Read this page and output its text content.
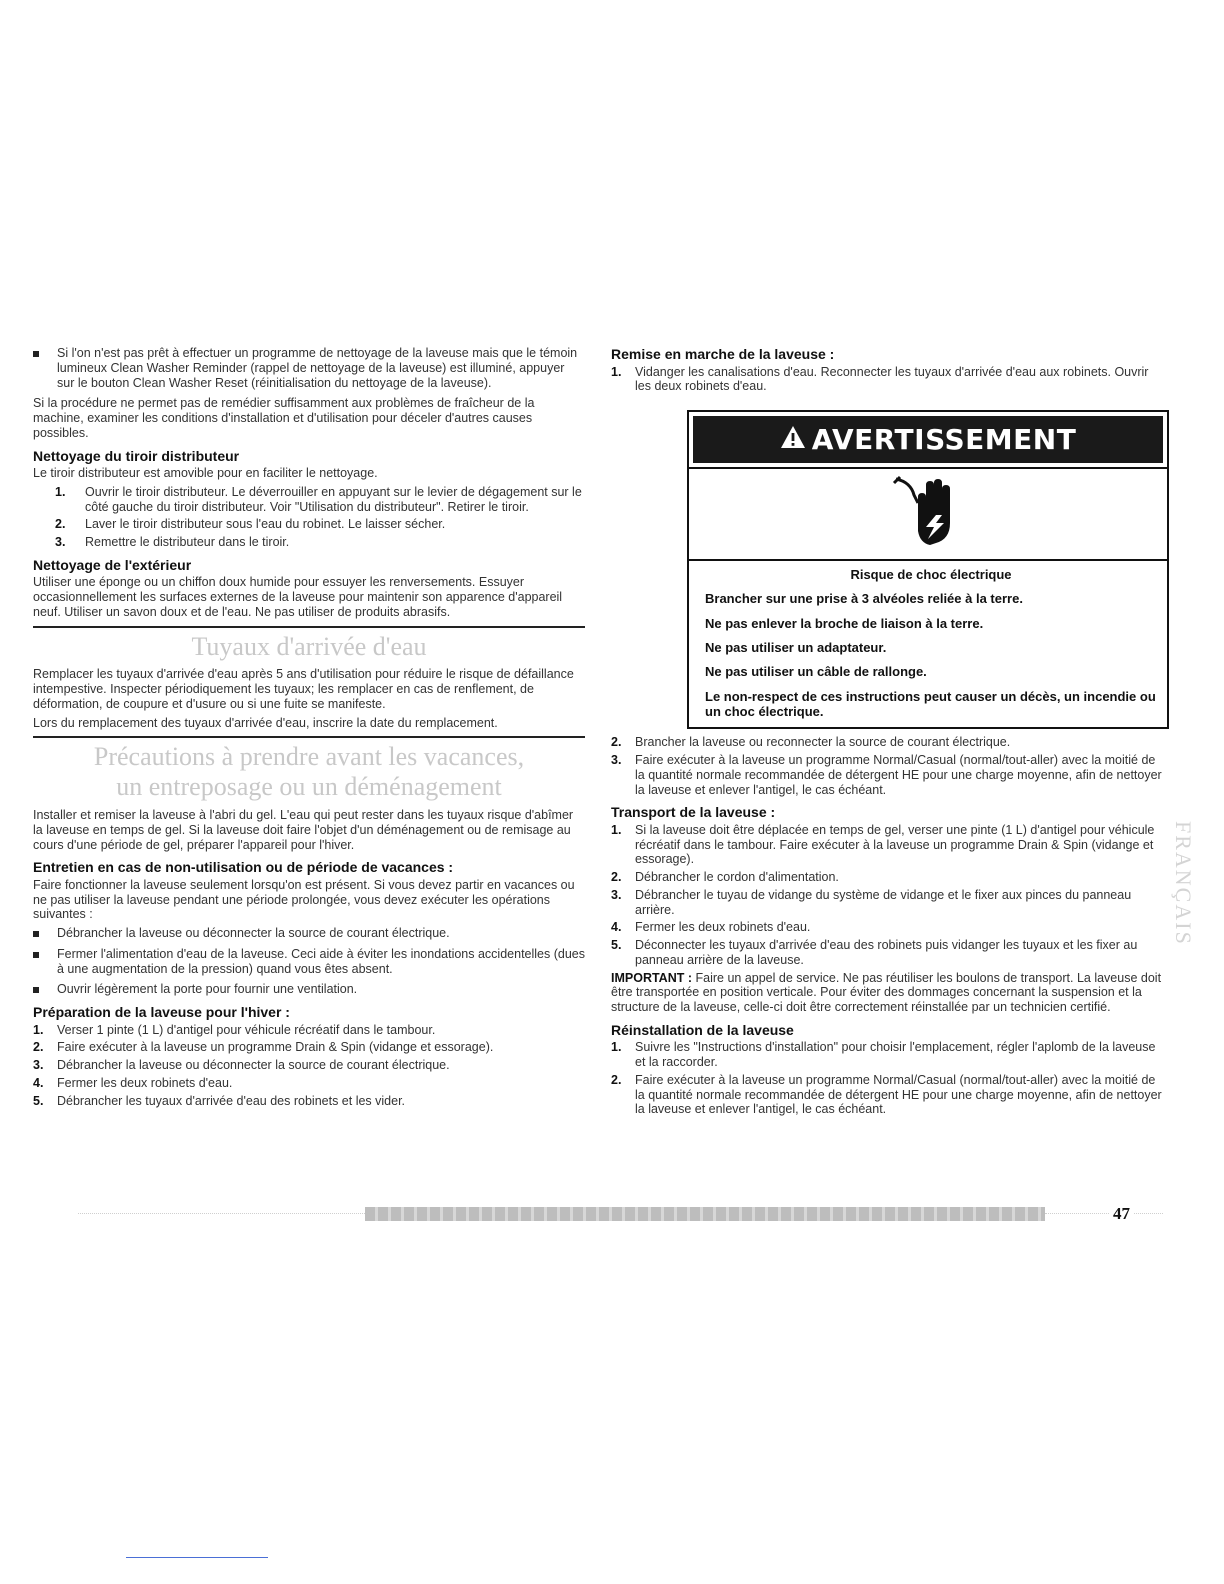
Si l'on n'est pas prêt à effectuer un programme de nettoyage de la laveuse mais que le témoin lumineux Clean Washer Reminder (rappel de nettoyage de la laveuse) est illuminé, appuyer sur le bouton Clean Washer Reset (réinitialisation du nettoyage de la laveuse).

Si la procédure ne permet pas de remédier suffisamment aux problèmes de fraîcheur de la machine, examiner les conditions d'installation et d'utilisation pour déceler d'autres causes possibles.

Nettoyage du tiroir distributeur

Le tiroir distributeur est amovible pour en faciliter le nettoyage.

1.	Ouvrir le tiroir distributeur. Le déverrouiller en appuyant sur le levier de dégagement sur le côté gauche du tiroir distributeur. Voir "Utilisation du distributeur". Retirer le tiroir.
2.	Laver le tiroir distributeur sous l'eau du robinet. Le laisser sécher.
3.	Remettre le distributeur dans le tiroir.
Nettoyage de l'extérieur

Utiliser une éponge ou un chiffon doux humide pour essuyer les renversements. Essuyer occasionnellement les surfaces externes de la laveuse pour maintenir son apparence d'appareil neuf. Utiliser un savon doux et de l'eau. Ne pas utiliser de produits abrasifs.

Tuyaux d'arrivée d'eau

Remplacer les tuyaux d'arrivée d'eau après 5 ans d'utilisation pour réduire le risque de défaillance intempestive. Inspecter périodiquement les tuyaux; les remplacer en cas de renflement, de déformation, de coupure et d'usure ou si une fuite se manifeste.

Lors du remplacement des tuyaux d'arrivée d'eau, inscrire la date du remplacement.

Précautions à prendre avant les vacances,
un entreposage ou un déménagement

Installer et remiser la laveuse à l'abri du gel. L'eau qui peut rester dans les tuyaux risque d'abîmer la laveuse en temps de gel. Si la laveuse doit faire l'objet d'un déménagement ou de remisage au cours d'une période de gel, préparer l'appareil pour l'hiver.

Entretien en cas de non-utilisation ou de période de vacances :

Faire fonctionner la laveuse seulement lorsqu'on est présent. Si vous devez partir en vacances ou ne pas utiliser la laveuse pendant une période prolongée, vous devez exécuter les opérations suivantes :

Débrancher la laveuse ou déconnecter la source de courant électrique.
Fermer l'alimentation d'eau de la laveuse. Ceci aide à éviter les inondations accidentelles (dues à une augmentation de la pression) quand vous êtes absent.
Ouvrir légèrement la porte pour fournir une ventilation.
Préparation de la laveuse pour l'hiver :
1.	Verser 1 pinte (1 L) d'antigel pour véhicule récréatif dans le tambour.
2.	Faire exécuter à la laveuse un programme Drain & Spin (vidange et essorage).
3.	Débrancher la laveuse ou déconnecter la source de courant électrique.
4.	Fermer les deux robinets d'eau.
5.	Débrancher les tuyaux d'arrivée d'eau des robinets et les vider.
Remise en marche de la laveuse :
1.	Vidanger les canalisations d'eau. Reconnecter les tuyaux d'arrivée d'eau aux robinets. Ouvrir les deux robinets d'eau.
AVERTISSEMENT
Risque de choc électrique
Brancher sur une prise à 3 alvéoles reliée à la terre.
Ne pas enlever la broche de liaison à la terre.
Ne pas utiliser un adaptateur.
Ne pas utiliser un câble de rallonge.
Le non-respect de ces instructions peut causer un décès, un incendie ou un choc électrique.
2.	Brancher la laveuse ou reconnecter la source de courant électrique.
3.	Faire exécuter à la laveuse un programme Normal/Casual (normal/tout-aller) avec la moitié de la quantité normale recommandée de détergent HE pour une charge moyenne, afin de nettoyer la laveuse et enlever l'antigel, le cas échéant.
Transport de la laveuse :
1.	Si la laveuse doit être déplacée en temps de gel, verser une pinte (1 L) d'antigel pour véhicule récréatif dans le tambour. Faire exécuter à la laveuse un programme Drain & Spin (vidange et essorage).
2.	Débrancher le cordon d'alimentation.
3.	Débrancher le tuyau de vidange du système de vidange et le fixer aux pinces du panneau arrière.
4.	Fermer les deux robinets d'eau.
5.	Déconnecter les tuyaux d'arrivée d'eau des robinets puis vidanger les tuyaux et les fixer au panneau arrière de la laveuse.

IMPORTANT : Faire un appel de service. Ne pas réutiliser les boulons de transport. La laveuse doit être transportée en position verticale. Pour éviter des dommages concernant la suspension et la structure de la laveuse, celle-ci doit être correctement réinstallée par un technicien certifié.

Réinstallation de la laveuse
1.	Suivre les "Instructions d'installation" pour choisir l'emplacement, régler l'aplomb de la laveuse et la raccorder.
2.	Faire exécuter à la laveuse un programme Normal/Casual (normal/tout-aller) avec la moitié de la quantité normale recommandée de détergent HE pour une charge moyenne, afin de nettoyer la laveuse et enlever l'antigel, le cas échéant.
FRANÇAIS
47
